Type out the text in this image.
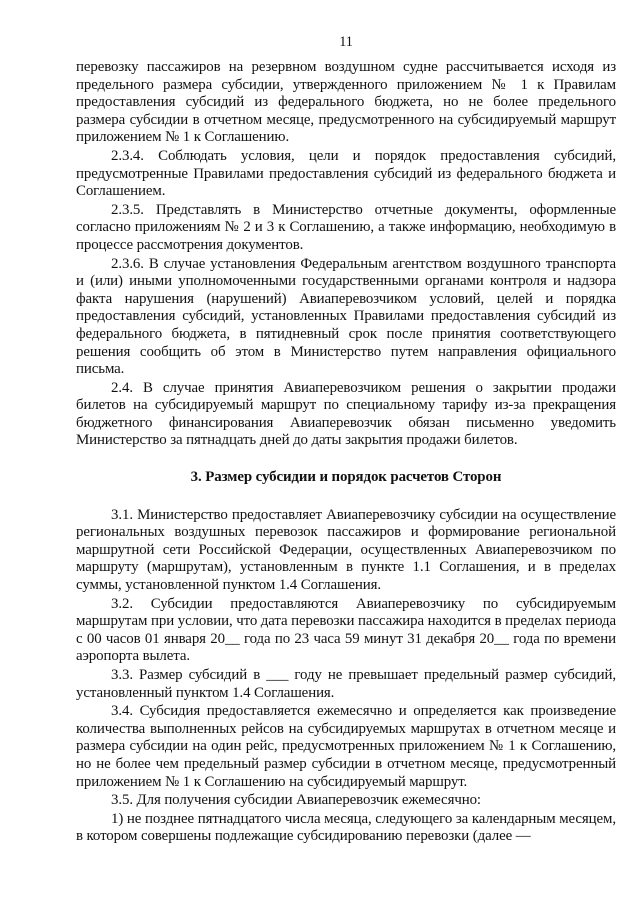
11

перевозку пассажиров на резервном воздушном судне рассчитывается исходя из предельного размера субсидии, утвержденного приложением № 1 к Правилам предоставления субсидий из федерального бюджета, но не более предельного размера субсидии в отчетном месяце, предусмотренного на субсидируемый маршрут приложением № 1 к Соглашению.

2.3.4. Соблюдать условия, цели и порядок предоставления субсидий, предусмотренные Правилами предоставления субсидий из федерального бюджета и Соглашением.

2.3.5. Представлять в Министерство отчетные документы, оформленные согласно приложениям № 2 и 3 к Соглашению, а также информацию, необходимую в процессе рассмотрения документов.

2.3.6. В случае установления Федеральным агентством воздушного транспорта и (или) иными уполномоченными государственными органами контроля и надзора факта нарушения (нарушений) Авиаперевозчиком условий, целей и порядка предоставления субсидий, установленных Правилами предоставления субсидий из федерального бюджета, в пятидневный срок после принятия соответствующего решения сообщить об этом в Министерство путем направления официального письма.

2.4. В случае принятия Авиаперевозчиком решения о закрытии продажи билетов на субсидируемый маршрут по специальному тарифу из-за прекращения бюджетного финансирования Авиаперевозчик обязан письменно уведомить Министерство за пятнадцать дней до даты закрытия продажи билетов.

3. Размер субсидии и порядок расчетов Сторон

3.1. Министерство предоставляет Авиаперевозчику субсидии на осуществление региональных воздушных перевозок пассажиров и формирование региональной маршрутной сети Российской Федерации, осуществленных Авиаперевозчиком по маршруту (маршрутам), установленным в пункте 1.1 Соглашения, и в пределах суммы, установленной пунктом 1.4 Соглашения.

3.2. Субсидии предоставляются Авиаперевозчику по субсидируемым маршрутам при условии, что дата перевозки пассажира находится в пределах периода с 00 часов 01 января 20__ года по 23 часа 59 минут 31 декабря 20__ года по времени аэропорта вылета.

3.3. Размер субсидий в ___ году не превышает предельный размер субсидий, установленный пунктом 1.4 Соглашения.

3.4. Субсидия предоставляется ежемесячно и определяется как произведение количества выполненных рейсов на субсидируемых маршрутах в отчетном месяце и размера субсидии на один рейс, предусмотренных приложением № 1 к Соглашению, но не более чем предельный размер субсидии в отчетном месяце, предусмотренный приложением № 1 к Соглашению на субсидируемый маршрут.

3.5. Для получения субсидии Авиаперевозчик ежемесячно:

1) не позднее пятнадцатого числа месяца, следующего за календарным месяцем, в котором совершены подлежащие субсидированию перевозки (далее —
